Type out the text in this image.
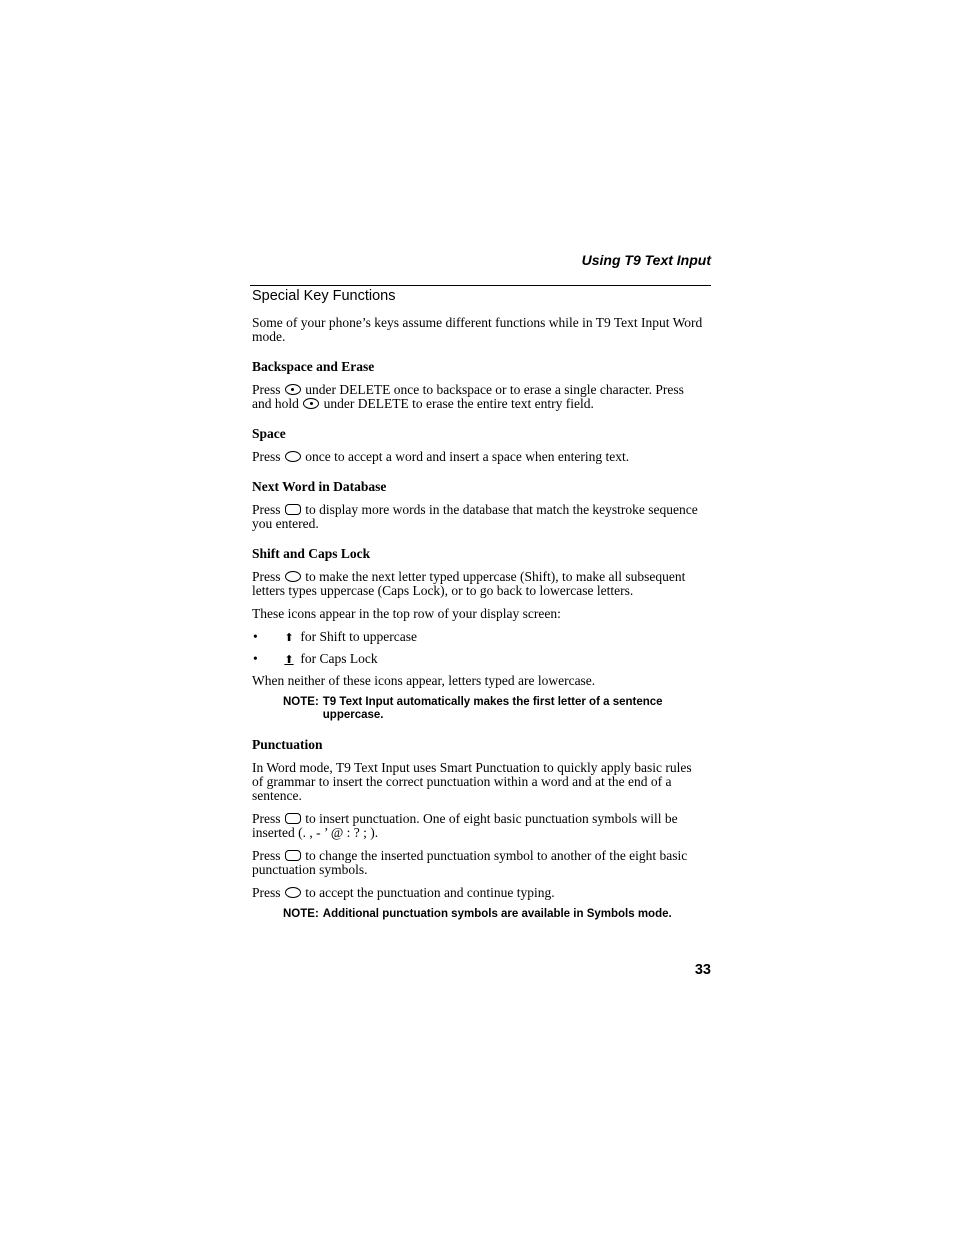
Using T9 Text Input
Special Key Functions

Some of your phone’s keys assume different functions while in T9 Text Input Word mode.

Backspace and Erase

Press under DELETE once to backspace or to erase a single character. Press and hold under DELETE to erase the entire text entry field.

Space

Press once to accept a word and insert a space when entering text.

Next Word in Database

Press to display more words in the database that match the keystroke sequence you entered.

Shift and Caps Lock

Press to make the next letter typed uppercase (Shift), to make all subsequent letters types uppercase (Caps Lock), or to go back to lowercase letters.

These icons appear in the top row of your display screen:

• ⬆ for Shift to uppercase
• ⬆ for Caps Lock

When neither of these icons appear, letters typed are lowercase.

NOTE: T9 Text Input automatically makes the first letter of a sentence uppercase.
Punctuation

In Word mode, T9 Text Input uses Smart Punctuation to quickly apply basic rules of grammar to insert the correct punctuation within a word and at the end of a sentence.

Press to insert punctuation. One of eight basic punctuation symbols will be inserted (. , - ’ @ : ? ; ).

Press to change the inserted punctuation symbol to another of the eight basic punctuation symbols.

Press to accept the punctuation and continue typing.

NOTE: Additional punctuation symbols are available in Symbols mode.
33
